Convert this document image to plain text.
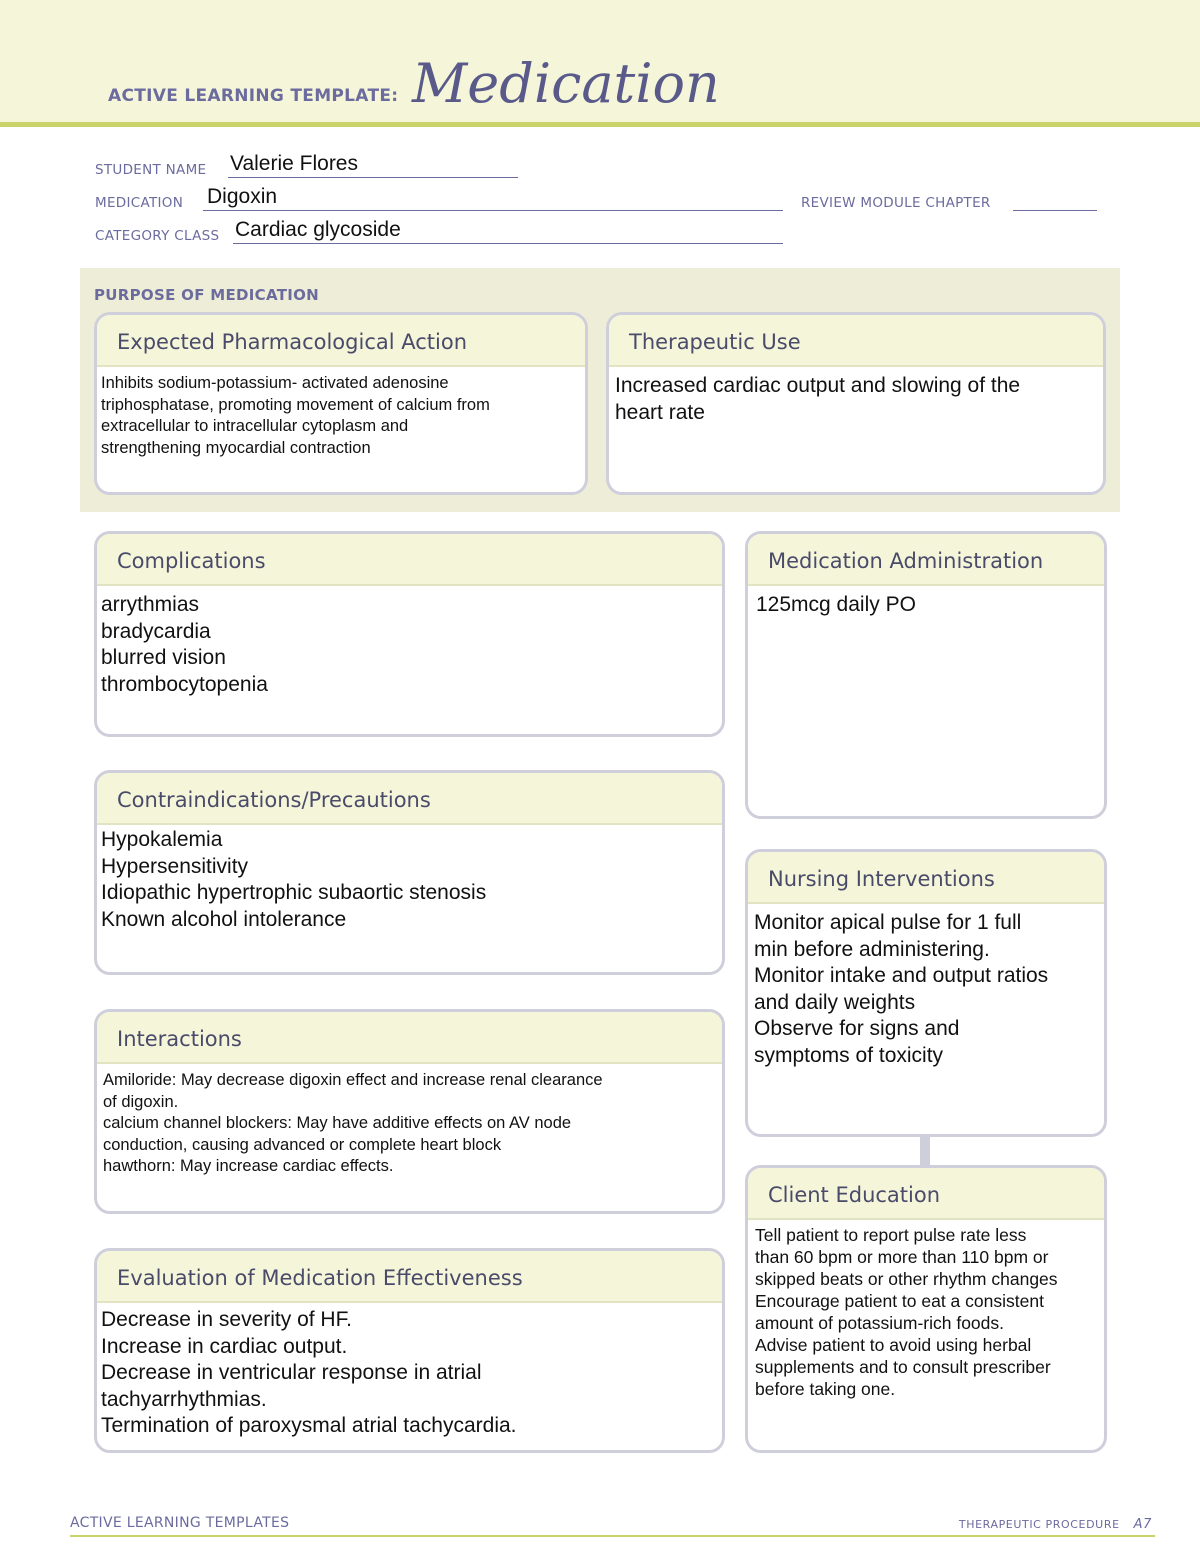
ACTIVE LEARNING TEMPLATE: Medication
STUDENT NAME Valerie Flores
MEDICATION Digoxin	REVIEW MODULE CHAPTER
CATEGORY CLASS Cardiac glycoside
PURPOSE OF MEDICATION
Expected Pharmacological Action
Inhibits sodium-potassium- activated adenosine
triphosphatase, promoting movement of calcium from
extracellular to intracellular cytoplasm and
strengthening myocardial contraction
Therapeutic Use
Increased cardiac output and slowing of the
heart rate
Complications
arrythmias
bradycardia
blurred vision
thrombocytopenia
Contraindications/Precautions
Hypokalemia
Hypersensitivity
Idiopathic hypertrophic subaortic stenosis
Known alcohol intolerance
Interactions
Amiloride: May decrease digoxin effect and increase renal clearance
of digoxin.
calcium channel blockers: May have additive effects on AV node
conduction, causing advanced or complete heart block
hawthorn: May increase cardiac effects.
Evaluation of Medication Effectiveness
Decrease in severity of HF.
Increase in cardiac output.
Decrease in ventricular response in atrial
tachyarrhythmias.
Termination of paroxysmal atrial tachycardia.
Medication Administration
125mcg daily PO
Nursing Interventions
Monitor apical pulse for 1 full
min before administering.
Monitor intake and output ratios
and daily weights
Observe for signs and
symptoms of toxicity
Client Education
Tell patient to report pulse rate less
than 60 bpm or more than 110 bpm or
skipped beats or other rhythm changes
Encourage patient to eat a consistent
amount of potassium-rich foods.
Advise patient to avoid using herbal
supplements and to consult prescriber
before taking one.
ACTIVE LEARNING TEMPLATES	THERAPEUTIC PROCEDURE A7
